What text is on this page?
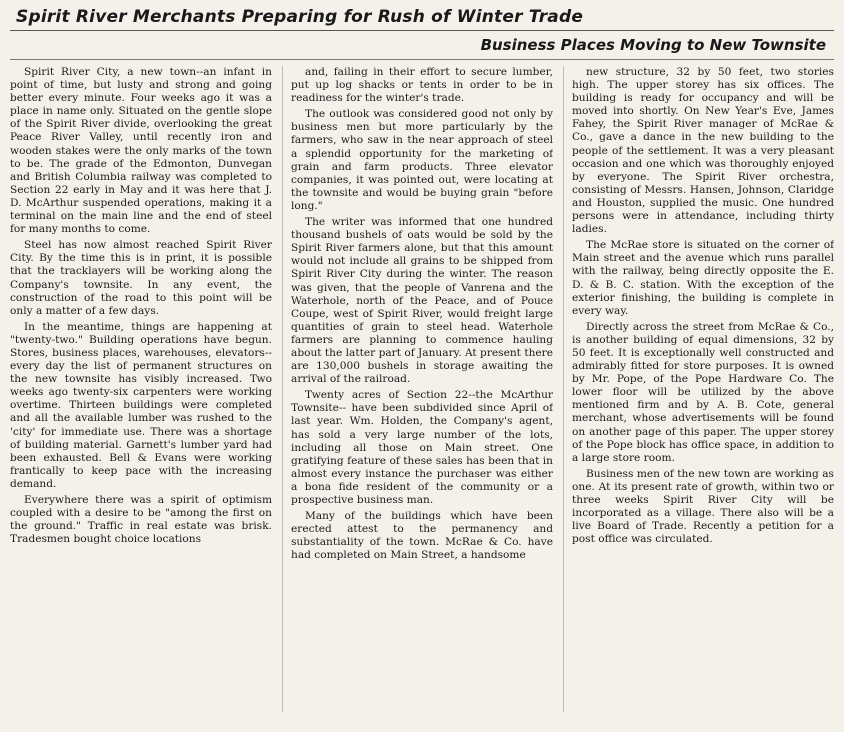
Spirit River Merchants Preparing for Rush of Winter Trade
Business Places Moving to New Townsite

Spirit River City, a new town--an infant in point of time, but lusty and strong and going better every minute. Four weeks ago it was a place in name only. Situated on the gentle slope of the Spirit River divide, overlooking the great Peace River Valley, until recently iron and wooden stakes were the only marks of the town to be. The grade of the Edmonton, Dunvegan and British Columbia railway was completed to Section 22 early in May and it was here that J. D. McArthur suspended operations, making it a terminal on the main line and the end of steel for many months to come.

Steel has now almost reached Spirit River City. By the time this is in print, it is possible that the tracklayers will be working along the Company's townsite. In any event, the construction of the road to this point will be only a matter of a few days.

In the meantime, things are happening at "twenty-two." Building operations have begun. Stores, business places, warehouses, elevators--every day the list of permanent structures on the new townsite has visibly increased. Two weeks ago twenty-six carpenters were working overtime. Thirteen buildings were completed and all the available lumber was rushed to the 'city' for immediate use. There was a shortage of building material. Garnett's lumber yard had been exhausted. Bell & Evans were working frantically to keep pace with the increasing demand.

Everywhere there was a spirit of optimism coupled with a desire to be "among the first on the ground." Traffic in real estate was brisk. Tradesmen bought choice locations

and, failing in their effort to secure lumber, put up log shacks or tents in order to be in readiness for the winter's trade.

The outlook was considered good not only by business men but more particularly by the farmers, who saw in the near approach of steel a splendid opportunity for the marketing of grain and farm products. Three elevator companies, it was pointed out, were locating at the townsite and would be buying grain "before long."

The writer was informed that one hundred thousand bushels of oats would be sold by the Spirit River farmers alone, but that this amount would not include all grains to be shipped from Spirit River City during the winter. The reason was given, that the people of Vanrena and the Waterhole, north of the Peace, and of Pouce Coupe, west of Spirit River, would freight large quantities of grain to steel head. Waterhole farmers are planning to commence hauling about the latter part of January. At present there are 130,000 bushels in storage awaiting the arrival of the railroad.

Twenty acres of Section 22--the McArthur Townsite-- have been subdivided since April of last year. Wm. Holden, the Company's agent, has sold a very large number of the lots, including all those on Main street. One gratifying feature of these sales has been that in almost every instance the purchaser was either a bona fide resident of the community or a prospective business man.

Many of the buildings which have been erected attest to the permanency and substantiality of the town. McRae & Co. have had completed on Main Street, a handsome

new structure, 32 by 50 feet, two stories high. The upper storey has six offices. The building is ready for occupancy and will be moved into shortly. On New Year's Eve, James Fahey, the Spirit River manager of McRae & Co., gave a dance in the new building to the people of the settlement. It was a very pleasant occasion and one which was thoroughly enjoyed by everyone. The Spirit River orchestra, consisting of Messrs. Hansen, Johnson, Claridge and Houston, supplied the music. One hundred persons were in attendance, including thirty ladies.

The McRae store is situated on the corner of Main street and the avenue which runs parallel with the railway, being directly opposite the E. D. & B. C. station. With the exception of the exterior finishing, the building is complete in every way.

Directly across the street from McRae & Co., is another building of equal dimensions, 32 by 50 feet. It is exceptionally well constructed and admirably fitted for store purposes. It is owned by Mr. Pope, of the Pope Hardware Co. The lower floor will be utilized by the above mentioned firm and by A. B. Cote, general merchant, whose advertisements will be found on another page of this paper. The upper storey of the Pope block has office space, in addition to a large store room.

Business men of the new town are working as one. At its present rate of growth, within two or three weeks Spirit River City will be incorporated as a village. There also will be a live Board of Trade. Recently a petition for a post office was circulated.
